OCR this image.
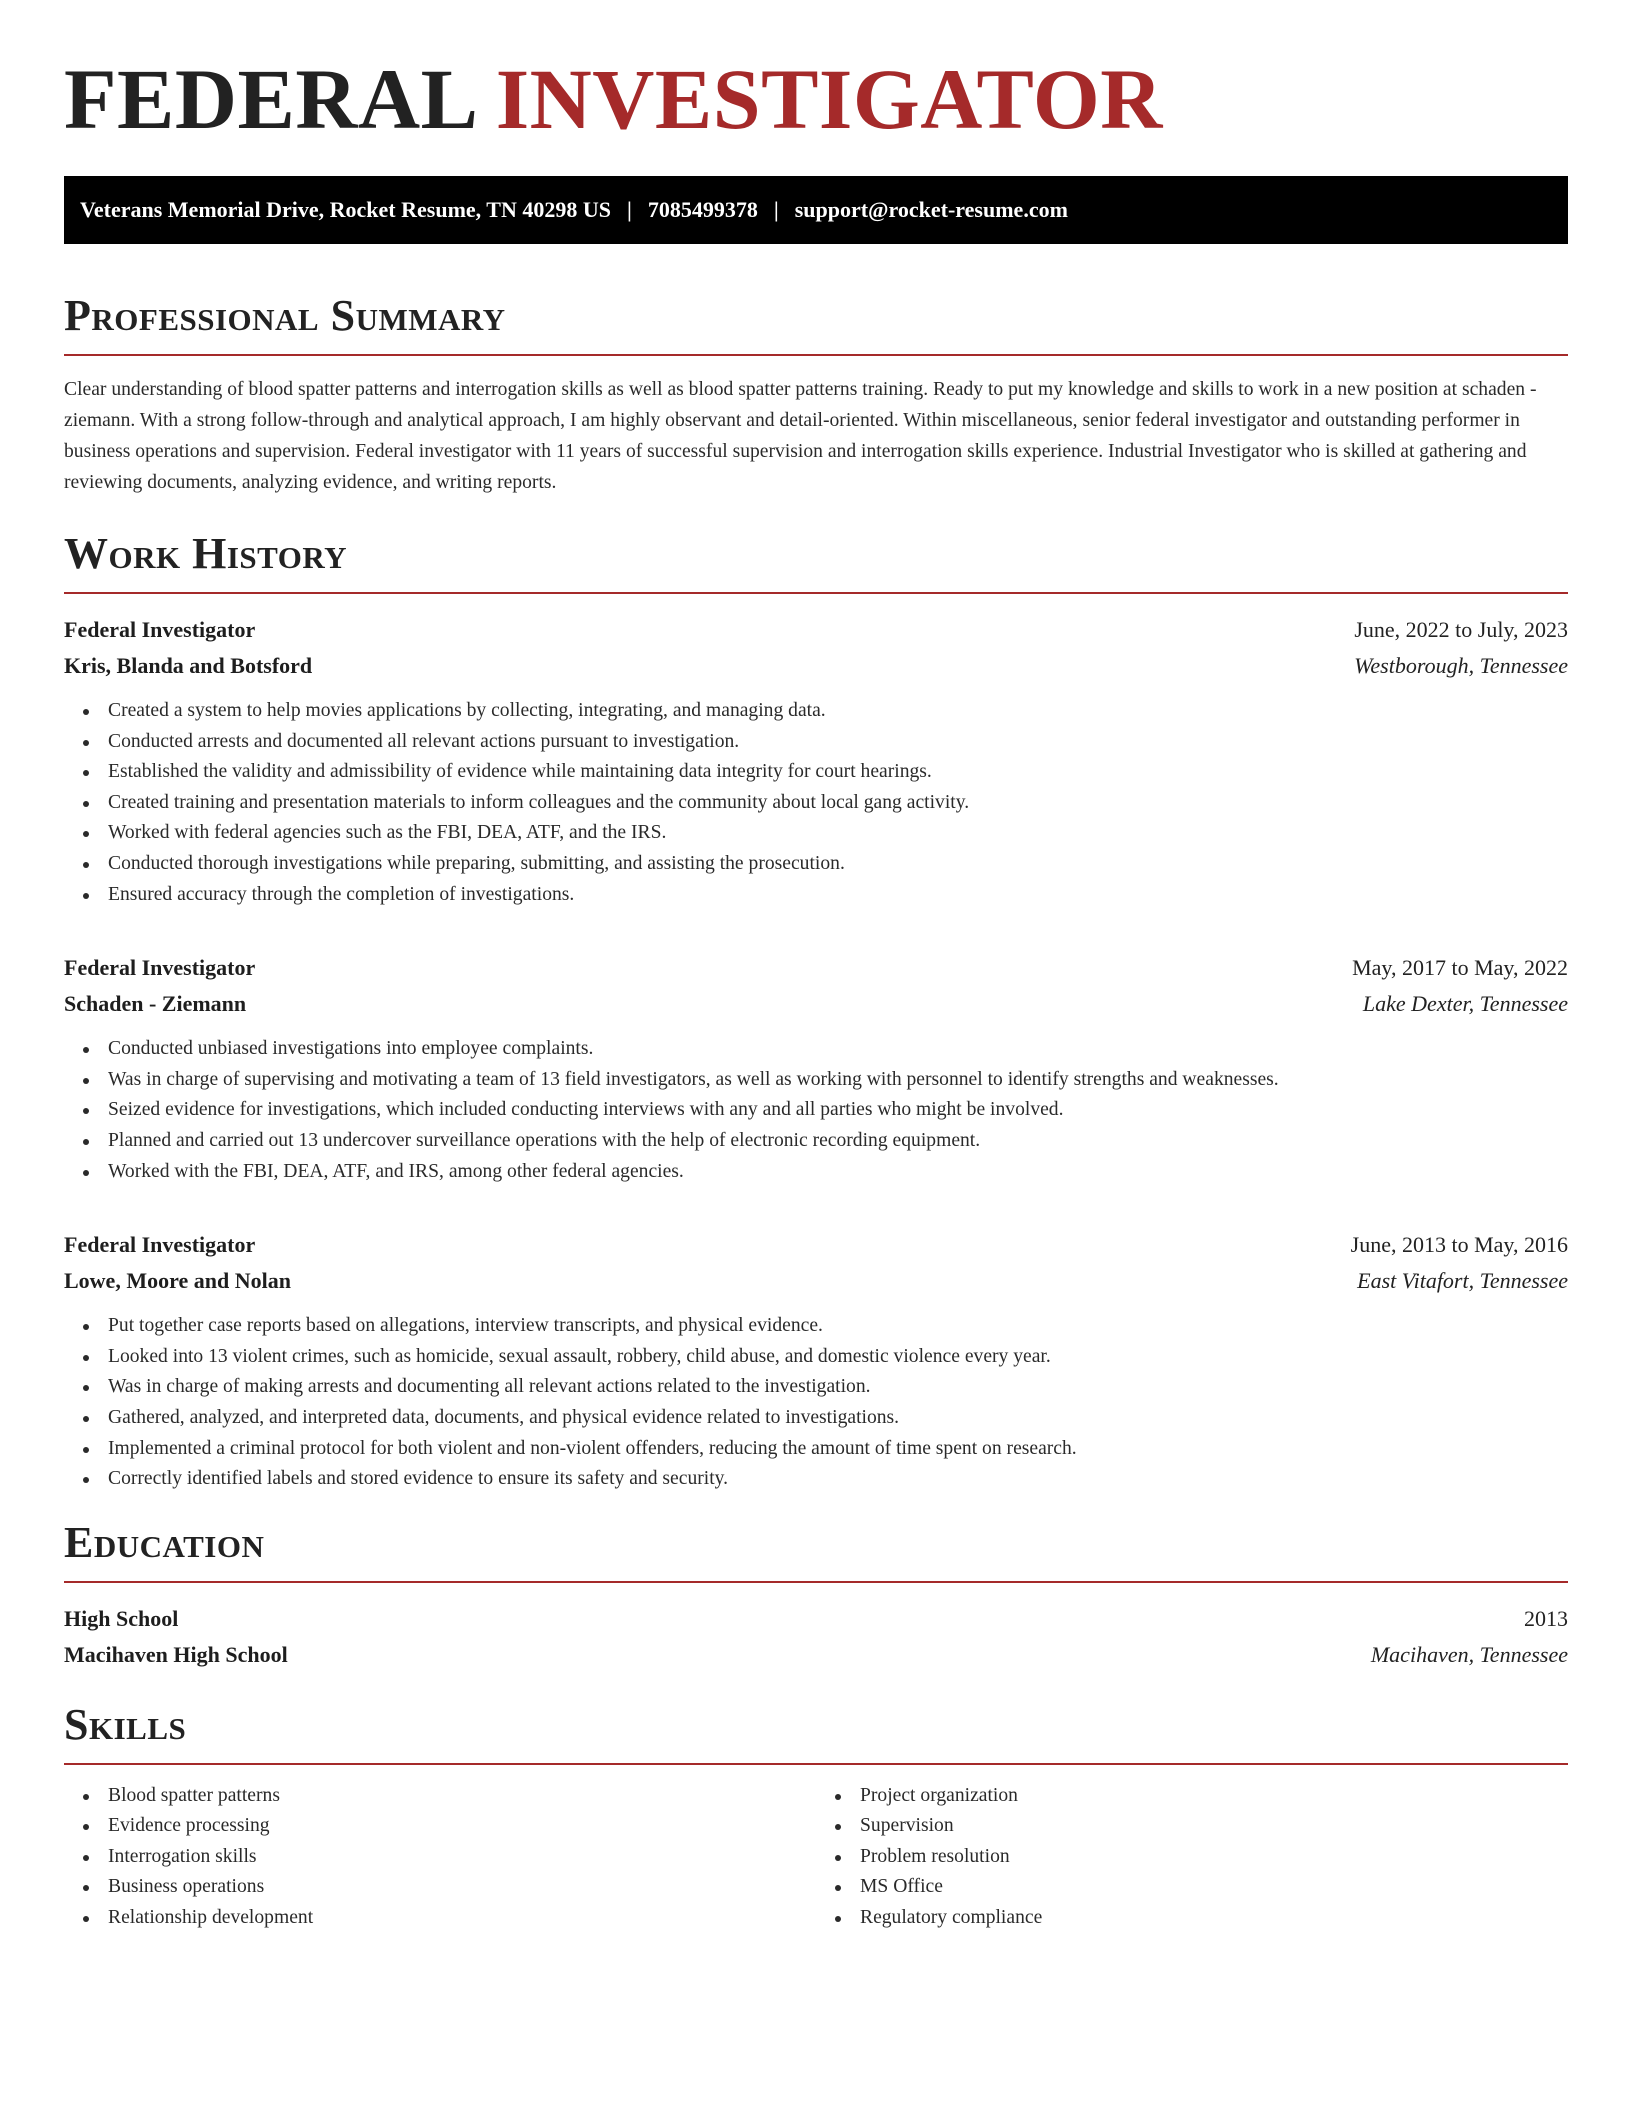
FEDERAL INVESTIGATOR
Veterans Memorial Drive, Rocket Resume, TN 40298 US | 7085499378 | support@rocket-resume.com
Professional Summary

Clear understanding of blood spatter patterns and interrogation skills as well as blood spatter patterns training. Ready to put my knowledge and skills to work in a new position at schaden - ziemann. With a strong follow-through and analytical approach, I am highly observant and detail-oriented. Within miscellaneous, senior federal investigator and outstanding performer in business operations and supervision. Federal investigator with 11 years of successful supervision and interrogation skills experience. Industrial Investigator who is skilled at gathering and reviewing documents, analyzing evidence, and writing reports.

Work History
Federal Investigator	June, 2022 to July, 2023
Kris, Blanda and Botsford	Westborough, Tennessee
Created a system to help movies applications by collecting, integrating, and managing data.
Conducted arrests and documented all relevant actions pursuant to investigation.
Established the validity and admissibility of evidence while maintaining data integrity for court hearings.
Created training and presentation materials to inform colleagues and the community about local gang activity.
Worked with federal agencies such as the FBI, DEA, ATF, and the IRS.
Conducted thorough investigations while preparing, submitting, and assisting the prosecution.
Ensured accuracy through the completion of investigations.
Federal Investigator	May, 2017 to May, 2022
Schaden - Ziemann	Lake Dexter, Tennessee
Conducted unbiased investigations into employee complaints.
Was in charge of supervising and motivating a team of 13 field investigators, as well as working with personnel to identify strengths and weaknesses.
Seized evidence for investigations, which included conducting interviews with any and all parties who might be involved.
Planned and carried out 13 undercover surveillance operations with the help of electronic recording equipment.
Worked with the FBI, DEA, ATF, and IRS, among other federal agencies.
Federal Investigator	June, 2013 to May, 2016
Lowe, Moore and Nolan	East Vitafort, Tennessee
Put together case reports based on allegations, interview transcripts, and physical evidence.
Looked into 13 violent crimes, such as homicide, sexual assault, robbery, child abuse, and domestic violence every year.
Was in charge of making arrests and documenting all relevant actions related to the investigation.
Gathered, analyzed, and interpreted data, documents, and physical evidence related to investigations.
Implemented a criminal protocol for both violent and non-violent offenders, reducing the amount of time spent on research.
Correctly identified labels and stored evidence to ensure its safety and security.
Education
High School	2013
Macihaven High School	Macihaven, Tennessee
Skills
Blood spatter patterns
Evidence processing
Interrogation skills
Business operations
Relationship development
Project organization
Supervision
Problem resolution
MS Office
Regulatory compliance
